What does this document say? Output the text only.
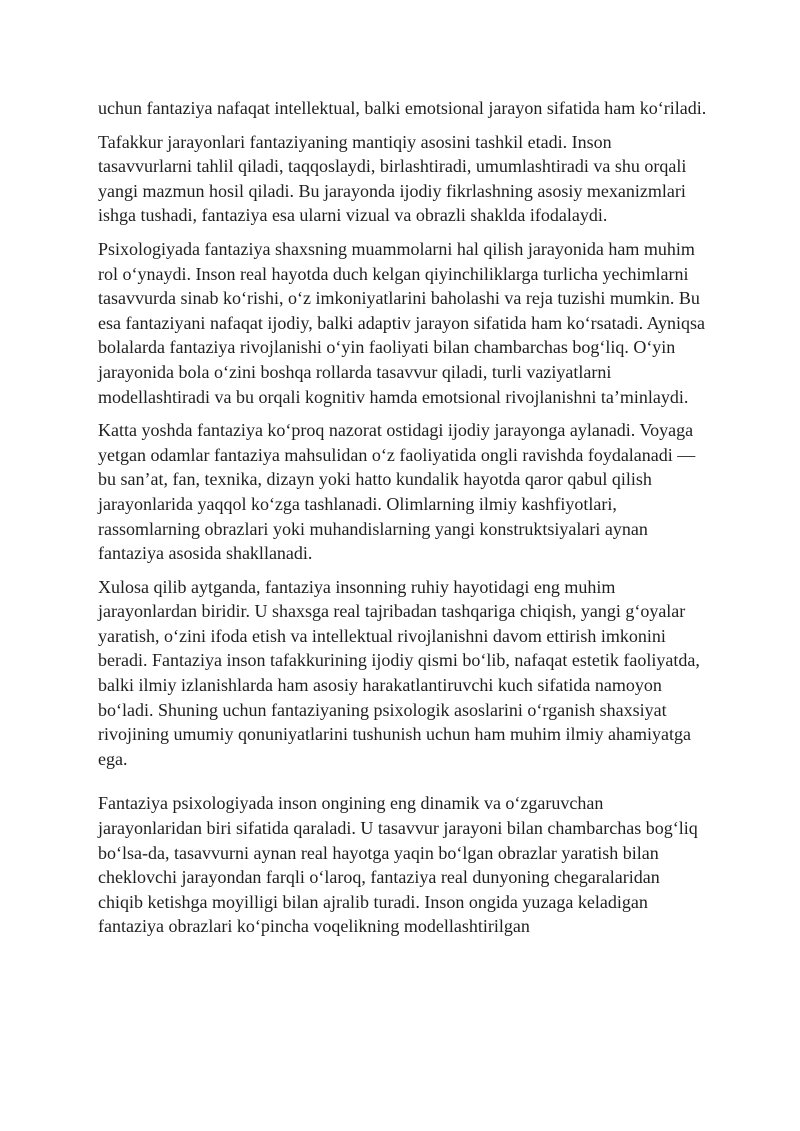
uchun fantaziya nafaqat intellektual, balki emotsional jarayon sifatida ham ko‘riladi.

Tafakkur jarayonlari fantaziyaning mantiqiy asosini tashkil etadi. Inson tasavvurlarni tahlil qiladi, taqqoslaydi, birlashtiradi, umumlashtiradi va shu orqali yangi mazmun hosil qiladi. Bu jarayonda ijodiy fikrlashning asosiy mexanizmlari ishga tushadi, fantaziya esa ularni vizual va obrazli shaklda ifodalaydi.

Psixologiyada fantaziya shaxsning muammolarni hal qilish jarayonida ham muhim rol o‘ynaydi. Inson real hayotda duch kelgan qiyinchiliklarga turlicha yechimlarni tasavvurda sinab ko‘rishi, o‘z imkoniyatlarini baholashi va reja tuzishi mumkin. Bu esa fantaziyani nafaqat ijodiy, balki adaptiv jarayon sifatida ham ko‘rsatadi. Ayniqsa bolalarda fantaziya rivojlanishi o‘yin faoliyati bilan chambarchas bog‘liq. O‘yin jarayonida bola o‘zini boshqa rollarda tasavvur qiladi, turli vaziyatlarni modellashtiradi va bu orqali kognitiv hamda emotsional rivojlanishni ta’minlaydi.

Katta yoshda fantaziya ko‘proq nazorat ostidagi ijodiy jarayonga aylanadi. Voyaga yetgan odamlar fantaziya mahsulidan o‘z faoliyatida ongli ravishda foydalanadi — bu san’at, fan, texnika, dizayn yoki hatto kundalik hayotda qaror qabul qilish jarayonlarida yaqqol ko‘zga tashlanadi. Olimlarning ilmiy kashfiyotlari, rassomlarning obrazlari yoki muhandislarning yangi konstruktsiyalari aynan fantaziya asosida shakllanadi.

Xulosa qilib aytganda, fantaziya insonning ruhiy hayotidagi eng muhim jarayonlardan biridir. U shaxsga real tajribadan tashqariga chiqish, yangi g‘oyalar yaratish, o‘zini ifoda etish va intellektual rivojlanishni davom ettirish imkonini beradi. Fantaziya inson tafakkurining ijodiy qismi bo‘lib, nafaqat estetik faoliyatda, balki ilmiy izlanishlarda ham asosiy harakatlantiruvchi kuch sifatida namoyon bo‘ladi. Shuning uchun fantaziyaning psixologik asoslarini o‘rganish shaxsiyat rivojining umumiy qonuniyatlarini tushunish uchun ham muhim ilmiy ahamiyatga ega.

Fantaziya psixologiyada inson ongining eng dinamik va o‘zgaruvchan jarayonlaridan biri sifatida qaraladi. U tasavvur jarayoni bilan chambarchas bog‘liq bo‘lsa-da, tasavvurni aynan real hayotga yaqin bo‘lgan obrazlar yaratish bilan cheklovchi jarayondan farqli o‘laroq, fantaziya real dunyoning chegaralaridan chiqib ketishga moyilligi bilan ajralib turadi. Inson ongida yuzaga keladigan fantaziya obrazlari ko‘pincha voqelikning modellashtirilgan
